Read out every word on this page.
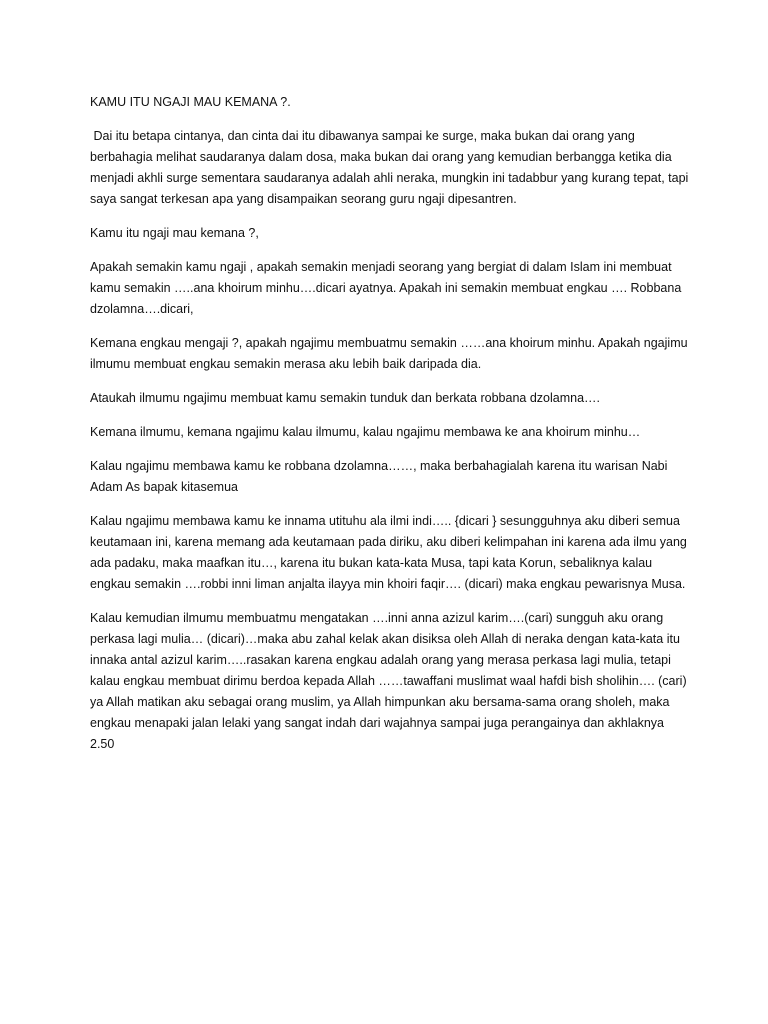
KAMU ITU NGAJI MAU KEMANA ?.

Dai itu betapa cintanya, dan cinta dai itu dibawanya sampai ke surge, maka bukan dai orang yang berbahagia melihat saudaranya dalam dosa, maka bukan dai orang yang kemudian berbangga ketika dia menjadi akhli surge sementara saudaranya adalah ahli neraka, mungkin ini tadabbur yang kurang tepat, tapi saya sangat terkesan apa yang disampaikan seorang guru ngaji dipesantren.

Kamu itu ngaji mau kemana ?,

Apakah semakin kamu ngaji , apakah semakin menjadi seorang yang bergiat di dalam Islam ini membuat kamu semakin …..ana khoirum minhu….dicari ayatnya. Apakah ini semakin membuat engkau …. Robbana dzolamna….dicari,

Kemana engkau mengaji ?, apakah ngajimu membuatmu semakin ……ana khoirum minhu. Apakah ngajimu ilmumu membuat engkau semakin merasa aku lebih baik daripada dia.

Ataukah ilmumu ngajimu membuat kamu semakin tunduk dan berkata robbana dzolamna….

Kemana ilmumu, kemana ngajimu kalau ilmumu, kalau ngajimu membawa ke ana khoirum minhu…

Kalau ngajimu membawa kamu ke robbana dzolamna……, maka berbahagialah karena itu warisan Nabi Adam As bapak kitasemua

Kalau ngajimu membawa kamu ke innama utituhu ala ilmi indi….. {dicari } sesungguhnya aku diberi semua keutamaan ini, karena memang ada keutamaan pada diriku, aku diberi kelimpahan ini karena ada ilmu yang ada padaku, maka maafkan itu…, karena itu bukan kata-kata Musa, tapi kata Korun, sebaliknya kalau engkau semakin ….robbi inni liman anjalta ilayya min khoiri faqir…. (dicari) maka engkau pewarisnya Musa.

Kalau kemudian ilmumu membuatmu mengatakan ….inni anna azizul karim….(cari) sungguh aku orang perkasa lagi mulia… (dicari)…maka abu zahal kelak akan disiksa oleh Allah di neraka dengan kata-kata itu innaka antal azizul karim…..rasakan karena engkau adalah orang yang merasa perkasa lagi mulia, tetapi kalau engkau membuat dirimu berdoa kepada Allah ……tawaffani muslimat waal hafdi bish sholihin…. (cari) ya Allah matikan aku sebagai orang muslim, ya Allah himpunkan aku bersama-sama orang sholeh, maka engkau menapaki jalan lelaki yang sangat indah dari wajahnya sampai juga perangainya dan akhlaknya 2.50
